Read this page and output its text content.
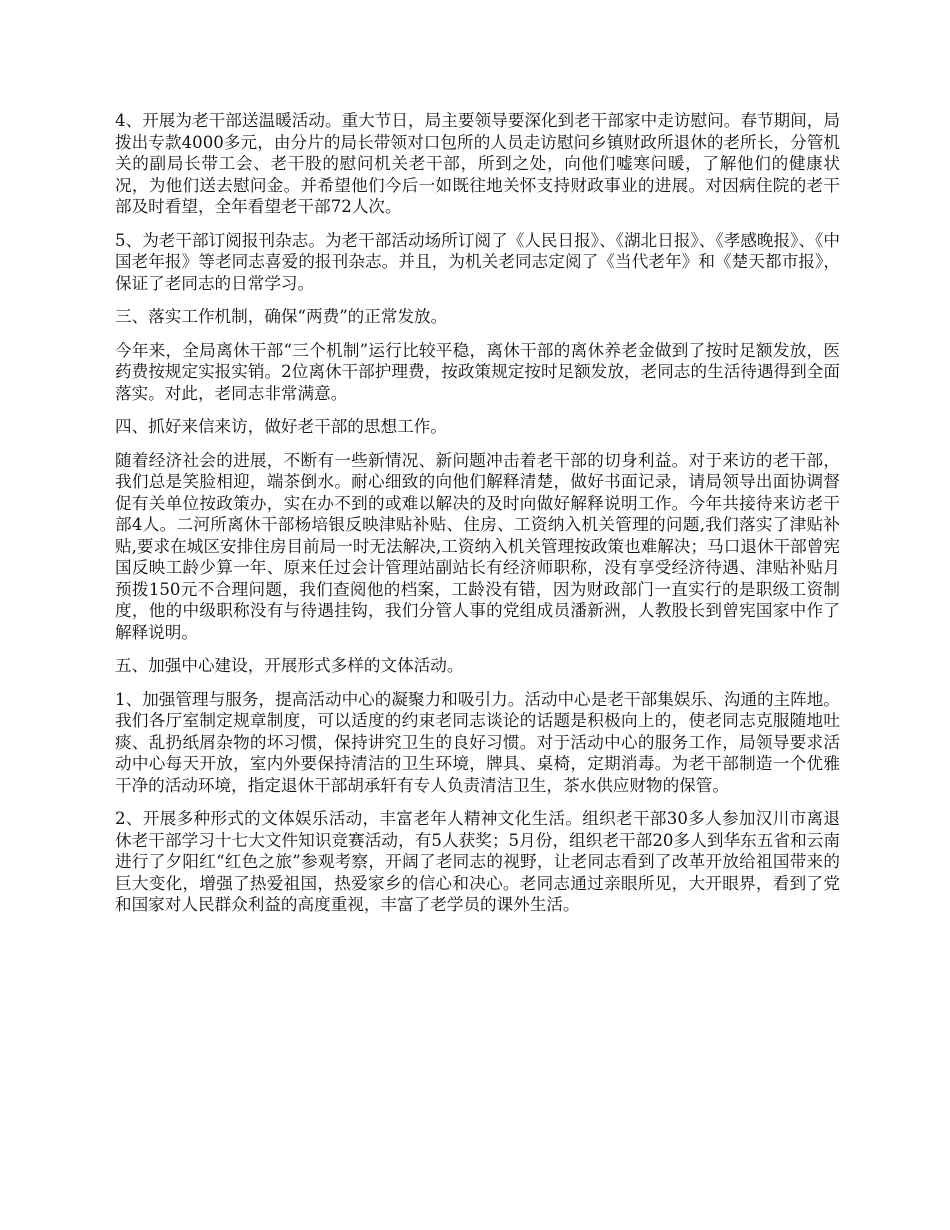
4、开展为老干部送温暖活动。重大节日，局主要领导要深化到老干部家中走访慰问。春节期间，局拨出专款4000多元，由分片的局长带领对口包所的人员走访慰问乡镇财政所退休的老所长，分管机关的副局长带工会、老干股的慰问机关老干部，所到之处，向他们嘘寒问暖，了解他们的健康状况，为他们送去慰问金。并希望他们今后一如既往地关怀支持财政事业的进展。对因病住院的老干部及时看望，全年看望老干部72人次。

5、为老干部订阅报刊杂志。为老干部活动场所订阅了《人民日报》、《湖北日报》、《孝感晚报》、《中国老年报》等老同志喜爱的报刊杂志。并且，为机关老同志定阅了《当代老年》和《楚天都市报》，保证了老同志的日常学习。

三、落实工作机制，确保“两费”的正常发放。

今年来，全局离休干部“三个机制”运行比较平稳，离休干部的离休养老金做到了按时足额发放，医药费按规定实报实销。2位离休干部护理费，按政策规定按时足额发放，老同志的生活待遇得到全面落实。对此，老同志非常满意。

四、抓好来信来访，做好老干部的思想工作。

随着经济社会的进展，不断有一些新情况、新问题冲击着老干部的切身利益。对于来访的老干部，我们总是笑脸相迎，端茶倒水。耐心细致的向他们解释清楚，做好书面记录，请局领导出面协调督促有关单位按政策办，实在办不到的或难以解决的及时向做好解释说明工作。今年共接待来访老干部4人。二河所离休干部杨培银反映津贴补贴、住房、工资纳入机关管理的问题,我们落实了津贴补贴,要求在城区安排住房目前局一时无法解决,工资纳入机关管理按政策也难解决；马口退休干部曾宪国反映工龄少算一年、原来任过会计管理站副站长有经济师职称，没有享受经济待遇、津贴补贴月预拨150元不合理问题，我们查阅他的档案，工龄没有错，因为财政部门一直实行的是职级工资制度，他的中级职称没有与待遇挂钩，我们分管人事的党组成员潘新洲，人教股长到曾宪国家中作了解释说明。

五、加强中心建设，开展形式多样的文体活动。

1、加强管理与服务，提高活动中心的凝聚力和吸引力。活动中心是老干部集娱乐、沟通的主阵地。我们各厅室制定规章制度，可以适度的约束老同志谈论的话题是积极向上的，使老同志克服随地吐痰、乱扔纸屑杂物的坏习惯，保持讲究卫生的良好习惯。对于活动中心的服务工作，局领导要求活动中心每天开放，室内外要保持清洁的卫生环境，牌具、桌椅，定期消毒。为老干部制造一个优雅干净的活动环境，指定退休干部胡承轩有专人负责清洁卫生，茶水供应财物的保管。

2、开展多种形式的文体娱乐活动，丰富老年人精神文化生活。组织老干部30多人参加汉川市离退休老干部学习十七大文件知识竞赛活动，有5人获奖；5月份，组织老干部20多人到华东五省和云南进行了夕阳红“红色之旅”参观考察，开阔了老同志的视野，让老同志看到了改革开放给祖国带来的巨大变化，增强了热爱祖国，热爱家乡的信心和决心。老同志通过亲眼所见，大开眼界，看到了党和国家对人民群众利益的高度重视，丰富了老学员的课外生活。
